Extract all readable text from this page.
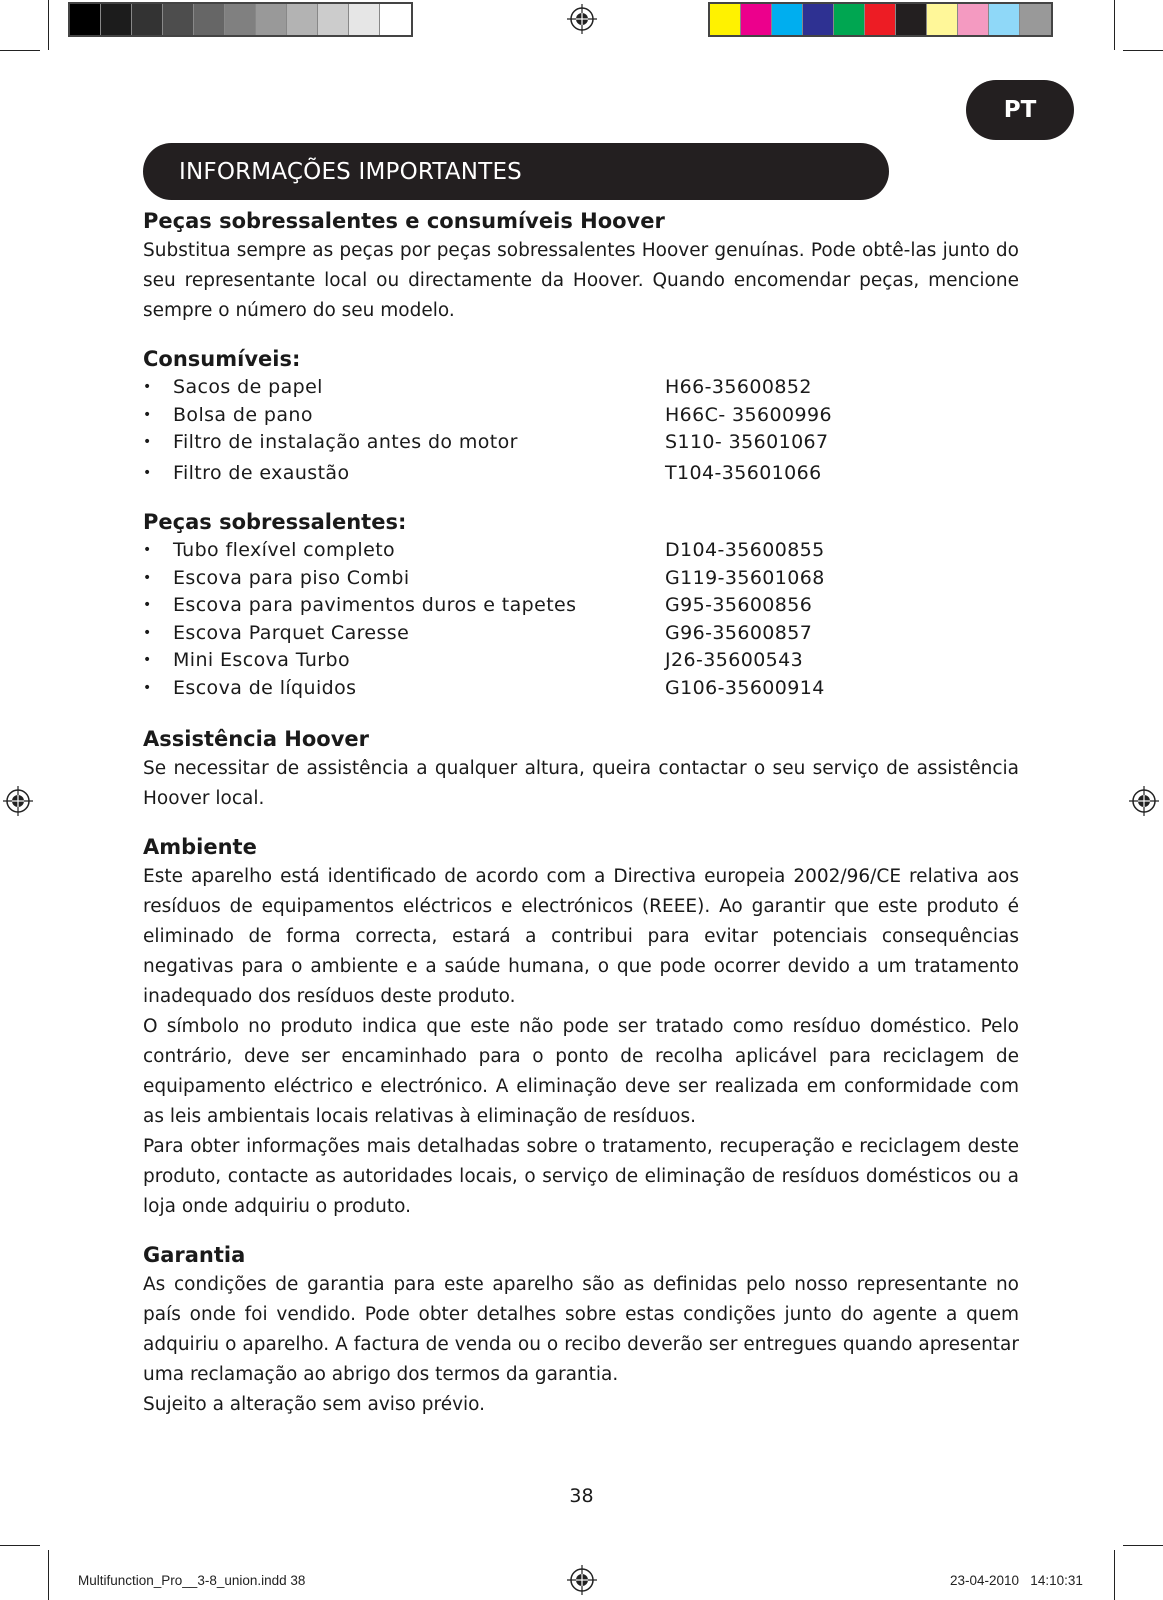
PT
INFORMAÇÕES IMPORTANTES
Peças sobressalentes e consumíveis Hoover

Substitua sempre as peças por peças sobressalentes Hoover genuínas. Pode obtê-las junto do seu representante local ou directamente da Hoover. Quando encomendar peças, mencione sempre o número do seu modelo.

Consumíveis:
•	Sacos de papel	H66-35600852
•	Bolsa de pano	H66C- 35600996
•	Filtro de instalação antes do motor	S110- 35601067
•	Filtro de exaustão	T104-35601066
Peças sobressalentes:
•	Tubo flexível completo	D104-35600855
•	Escova para piso Combi	G119-35601068
•	Escova para pavimentos duros e tapetes	G95-35600856
•	Escova Parquet Caresse	G96-35600857
•	Mini Escova Turbo	J26-35600543
•	Escova de líquidos	G106-35600914
Assistência Hoover

Se necessitar de assistência a qualquer altura, queira contactar o seu serviço de assistência Hoover local.

Ambiente

Este aparelho está identificado de acordo com a Directiva europeia 2002/96/CE relativa aos resíduos de equipamentos eléctricos e electrónicos (REEE). Ao garantir que este produto é eliminado de forma correcta, estará a contribui para evitar potenciais consequências negativas para o ambiente e a saúde humana, o que pode ocorrer devido a um tratamento inadequado dos resíduos deste produto.

O símbolo no produto indica que este não pode ser tratado como resíduo doméstico. Pelo contrário, deve ser encaminhado para o ponto de recolha aplicável para reciclagem de equipamento eléctrico e electrónico. A eliminação deve ser realizada em conformidade com as leis ambientais locais relativas à eliminação de resíduos.

Para obter informações mais detalhadas sobre o tratamento, recuperação e reciclagem deste produto, contacte as autoridades locais, o serviço de eliminação de resíduos domésticos ou a loja onde adquiriu o produto.

Garantia

As condições de garantia para este aparelho são as definidas pelo nosso representante no país onde foi vendido. Pode obter detalhes sobre estas condições junto do agente a quem adquiriu o aparelho. A factura de venda ou o recibo deverão ser entregues quando apresentar uma reclamação ao abrigo dos termos da garantia.

Sujeito a alteração sem aviso prévio.

38
Multifunction_Pro__3-8_union.indd 38	23-04-2010   14:10:31
